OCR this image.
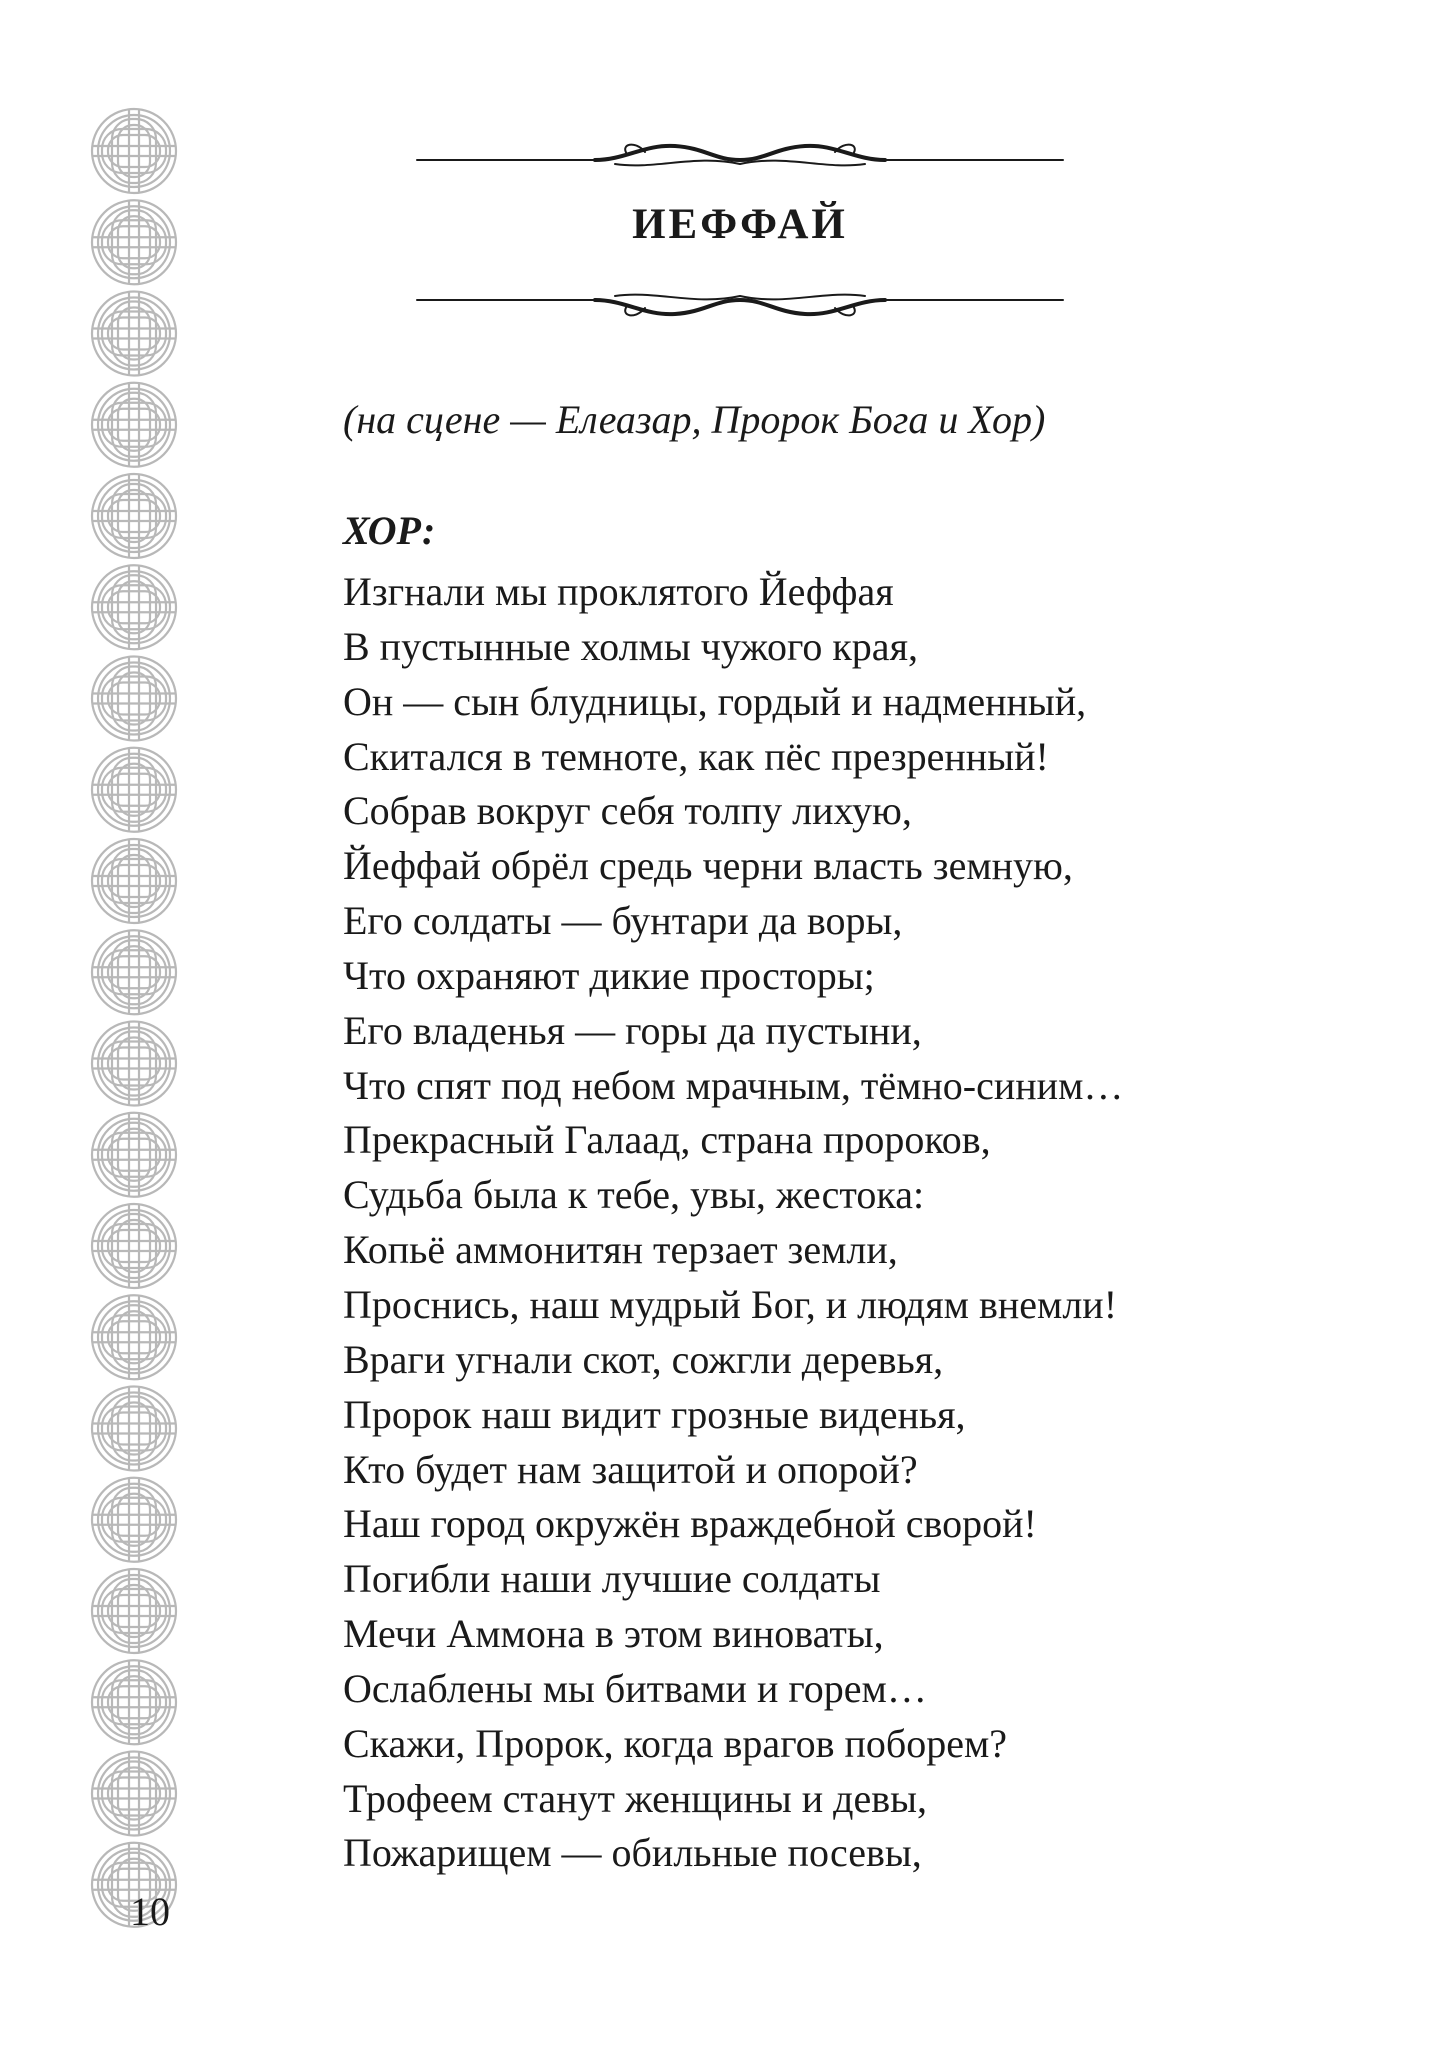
ИЕФФАЙ

(на сцене — Елеазар, Пророк Бога и Хор)

ХОР:

Изгнали мы проклятого Йеффая
В пустынные холмы чужого края,
Он — сын блудницы, гордый и надменный,
Скитался в темноте, как пёс презренный!
Собрав вокруг себя толпу лихую,
Йеффай обрёл средь черни власть земную,
Его солдаты — бунтари да воры,
Что охраняют дикие просторы;
Его владенья — горы да пустыни,
Что спят под небом мрачным, тёмно-синим…
Прекрасный Галаад, страна пророков,
Судьба была к тебе, увы, жестока:
Копьё аммонитян терзает земли,
Проснись, наш мудрый Бог, и людям внемли!
Враги угнали скот, сожгли деревья,
Пророк наш видит грозные виденья,
Кто будет нам защитой и опорой?
Наш город окружён враждебной сворой!
Погибли наши лучшие солдаты
Мечи Аммона в этом виноваты,
Ослаблены мы битвами и горем…
Скажи, Пророк, когда врагов поборем?
Трофеем станут женщины и девы,
Пожарищем — обильные посевы,

10
